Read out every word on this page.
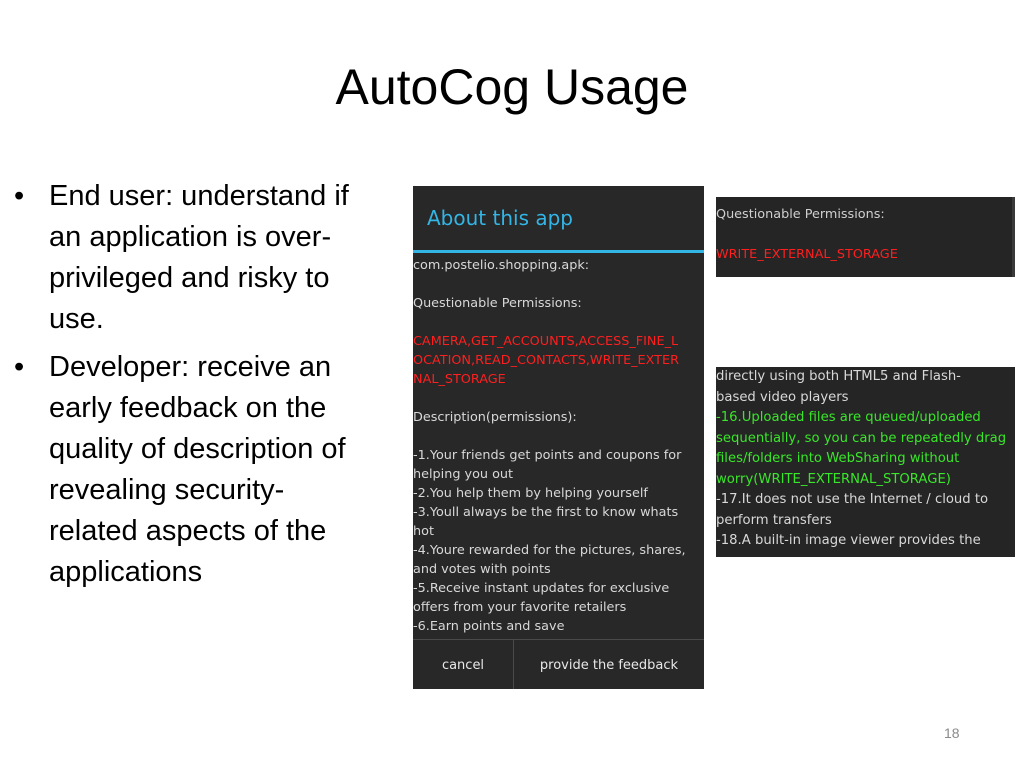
AutoCog Usage
• End user: understand if an application is over-privileged and risky to use.
• Developer: receive an early feedback on the quality of description of revealing security-related aspects of the applications
About this app
com.postelio.shopping.apk:
Questionable Permissions:
CAMERA,GET_ACCOUNTS,ACCESS_FINE_L
OCATION,READ_CONTACTS,WRITE_EXTER
NAL_STORAGE
Description(permissions):
-1.Your friends get points and coupons for
helping you out
-2.You help them by helping yourself
-3.Youll always be the first to know whats
hot
-4.Youre rewarded for the pictures, shares,
and votes with points
-5.Receive instant updates for exclusive
offers from your favorite retailers
-6.Earn points and save
cancel	provide the feedback
Questionable Permissions:
WRITE_EXTERNAL_STORAGE
directly using both HTML5 and Flash-
based video players
-16.Uploaded files are queued/uploaded
sequentially, so you can be repeatedly drag
files/folders into WebSharing without
worry(WRITE_EXTERNAL_STORAGE)
-17.It does not use the Internet / cloud to
perform transfers
-18.A built-in image viewer provides the
18
